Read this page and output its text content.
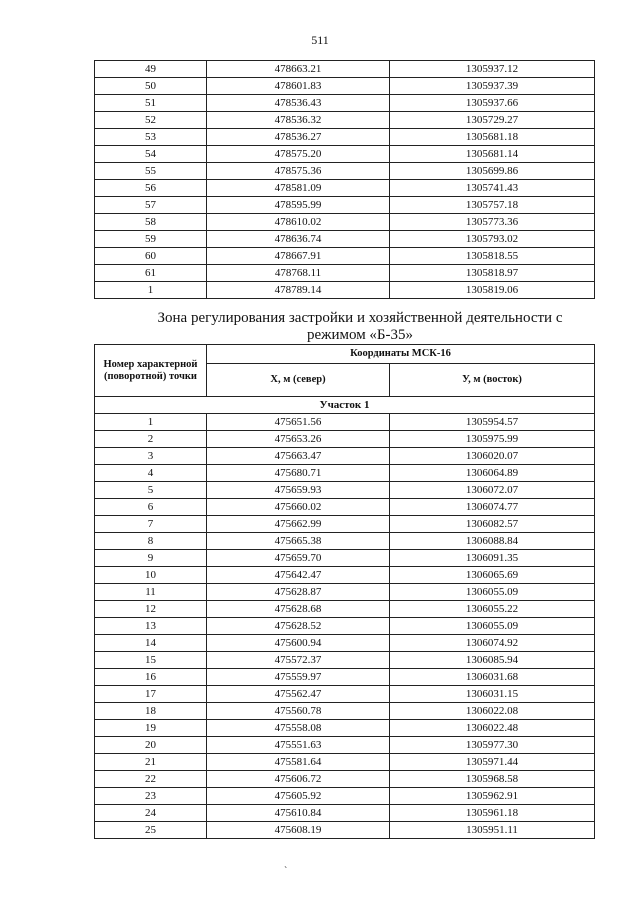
511
49	478663.21	1305937.12
50	478601.83	1305937.39
51	478536.43	1305937.66
52	478536.32	1305729.27
53	478536.27	1305681.18
54	478575.20	1305681.14
55	478575.36	1305699.86
56	478581.09	1305741.43
57	478595.99	1305757.18
58	478610.02	1305773.36
59	478636.74	1305793.02
60	478667.91	1305818.55
61	478768.11	1305818.97
1	478789.14	1305819.06
Зона регулирования застройки и хозяйственной деятельности с режимом «Б-35»
Номер характерной (поворотной) точки	Координаты МСК-16	
	Х, м (север)	У, м (восток)
Участок 1		
1	475651.56	1305954.57
2	475653.26	1305975.99
3	475663.47	1306020.07
4	475680.71	1306064.89
5	475659.93	1306072.07
6	475660.02	1306074.77
7	475662.99	1306082.57
8	475665.38	1306088.84
9	475659.70	1306091.35
10	475642.47	1306065.69
11	475628.87	1306055.09
12	475628.68	1306055.22
13	475628.52	1306055.09
14	475600.94	1306074.92
15	475572.37	1306085.94
16	475559.97	1306031.68
17	475562.47	1306031.15
18	475560.78	1306022.08
19	475558.08	1306022.48
20	475551.63	1305977.30
21	475581.64	1305971.44
22	475606.72	1305968.58
23	475605.92	1305962.91
24	475610.84	1305961.18
25	475608.19	1305951.11
`
